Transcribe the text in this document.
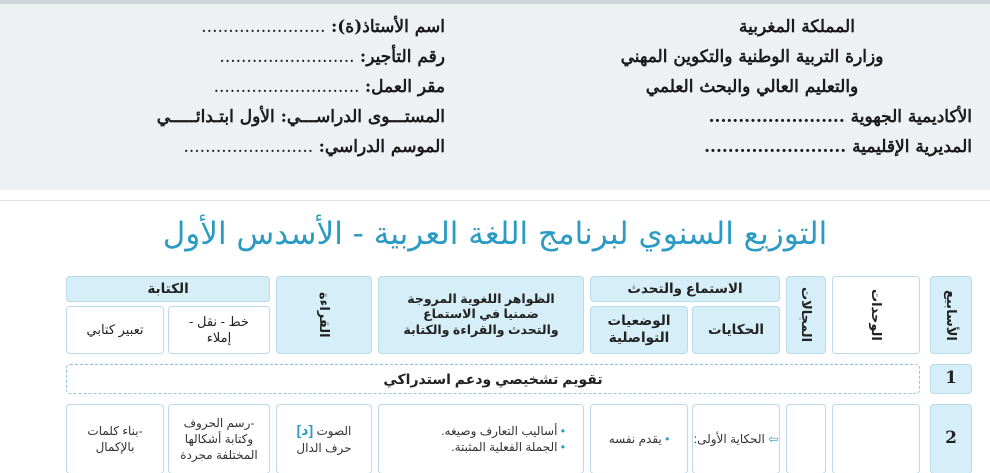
المملكة المغربية
وزارة التربية الوطنية والتكوين المهني
والتعليم العالي والبحث العلمي
الأكاديمية الجهوية .......................
المديرية الإقليمية ........................
اسم الأستاذ(ة): .......................
رقم التأجير: .........................
مقر العمل: ...........................
المستـــوى الدراســـي: الأول ابتـدائـــــي
الموسم الدراسي: ........................
التوزيع السنوي لبرنامج اللغة العربية - الأسدس الأول
الأسابيع
الوحدات
المجالات
الاستماع والتحدث
الحكايات
الوضعيات التواصلية
الظواهر اللغوية المروجة ضمنيا في الاستماع والتحدث والقراءة والكتابة
القراءة
الكتابة
خط - نقل - إملاء
تعبير كتابي
1
تقويم تشخيصي ودعم استدراكي
2
⇦ الحكاية الأولى:
• يقدم نفسه
• أساليب التعارف وصيغه.
• الجملة الفعلية المثبتة.
الصوت [د]
حرف الدال
-رسم الحروف وكتابة أشكالها المختلفة مجردة
-بناء كلمات بالإكمال
